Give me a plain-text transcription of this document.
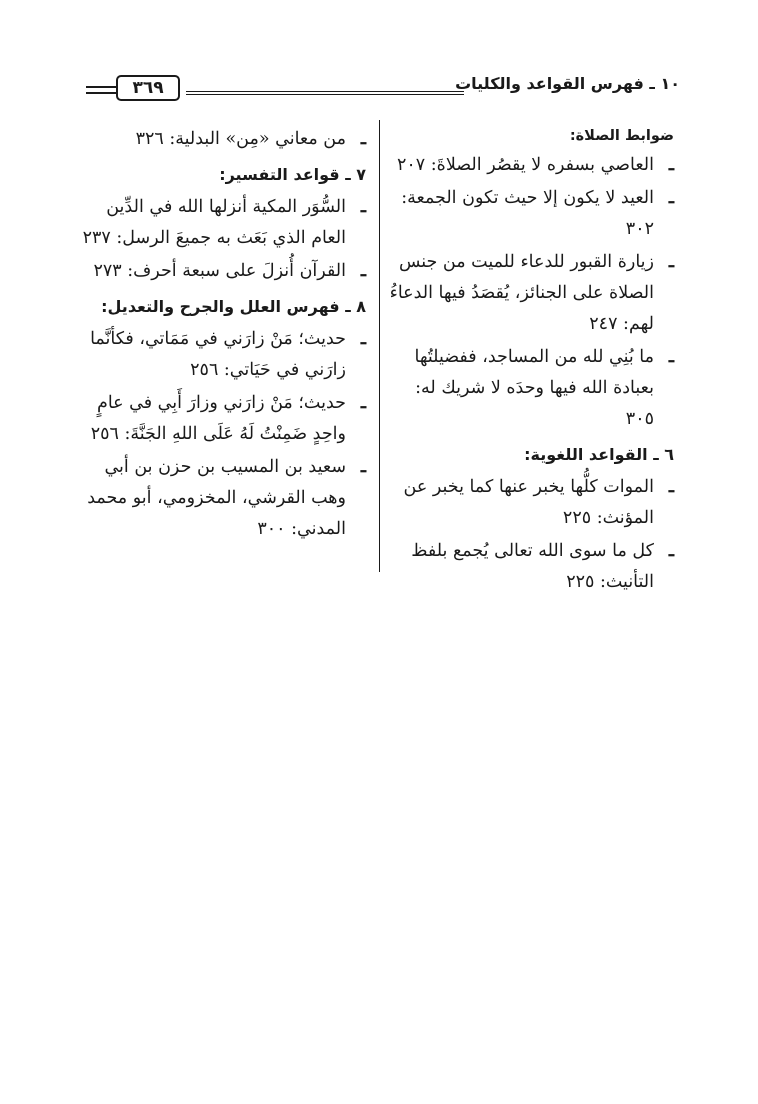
٣٦٩	١٠ ـ فهرس القواعد والكليات
ضوابط الصلاة:
ـ
العاصي بسفره لا يقصُر الصلاةَ: ٢٠٧
ـ
العيد لا يكون إلا حيث تكون الجمعة: ٣٠٢
ـ
زيارة القبور للدعاء للميت من جنس الصلاة على الجنائز، يُقصَدُ فيها الدعاءُ لهم: ٢٤٧
ـ
ما بُنِي لله من المساجد، ففضيلتُها بعبادة الله فيها وحدَه لا شريك له: ٣٠٥
٦ ـ القواعد اللغوية:
ـ
الموات كلُّها يخبر عنها كما يخبر عن المؤنث: ٢٢٥
ـ
كل ما سوى الله تعالى يُجمع بلفظ التأنيث: ٢٢٥
ـ
من معاني «مِن» البدلية: ٣٢٦
٧ ـ قواعد التفسير:
ـ
السُّوَر المكية أنزلها الله في الدِّين العام الذي بَعَث به جميعَ الرسل: ٢٣٧
ـ
القرآن أُنزلَ على سبعة أحرف: ٢٧٣
٨ ـ فهرس العلل والجرح والتعديل:
ـ
حديث؛ مَنْ زارَني في مَمَاتي، فكأنَّما زارَني في حَيَاتي: ٢٥٦
ـ
حديث؛ مَنْ زارَني وزارَ أَبِي في عامٍ واحِدٍ ضَمِنْتُ لَهُ عَلَى اللهِ الجَنَّةَ: ٢٥٦
ـ
سعيد بن المسيب بن حزن بن أبي وهب القرشي، المخزومي، أبو محمد المدني: ٣٠٠
